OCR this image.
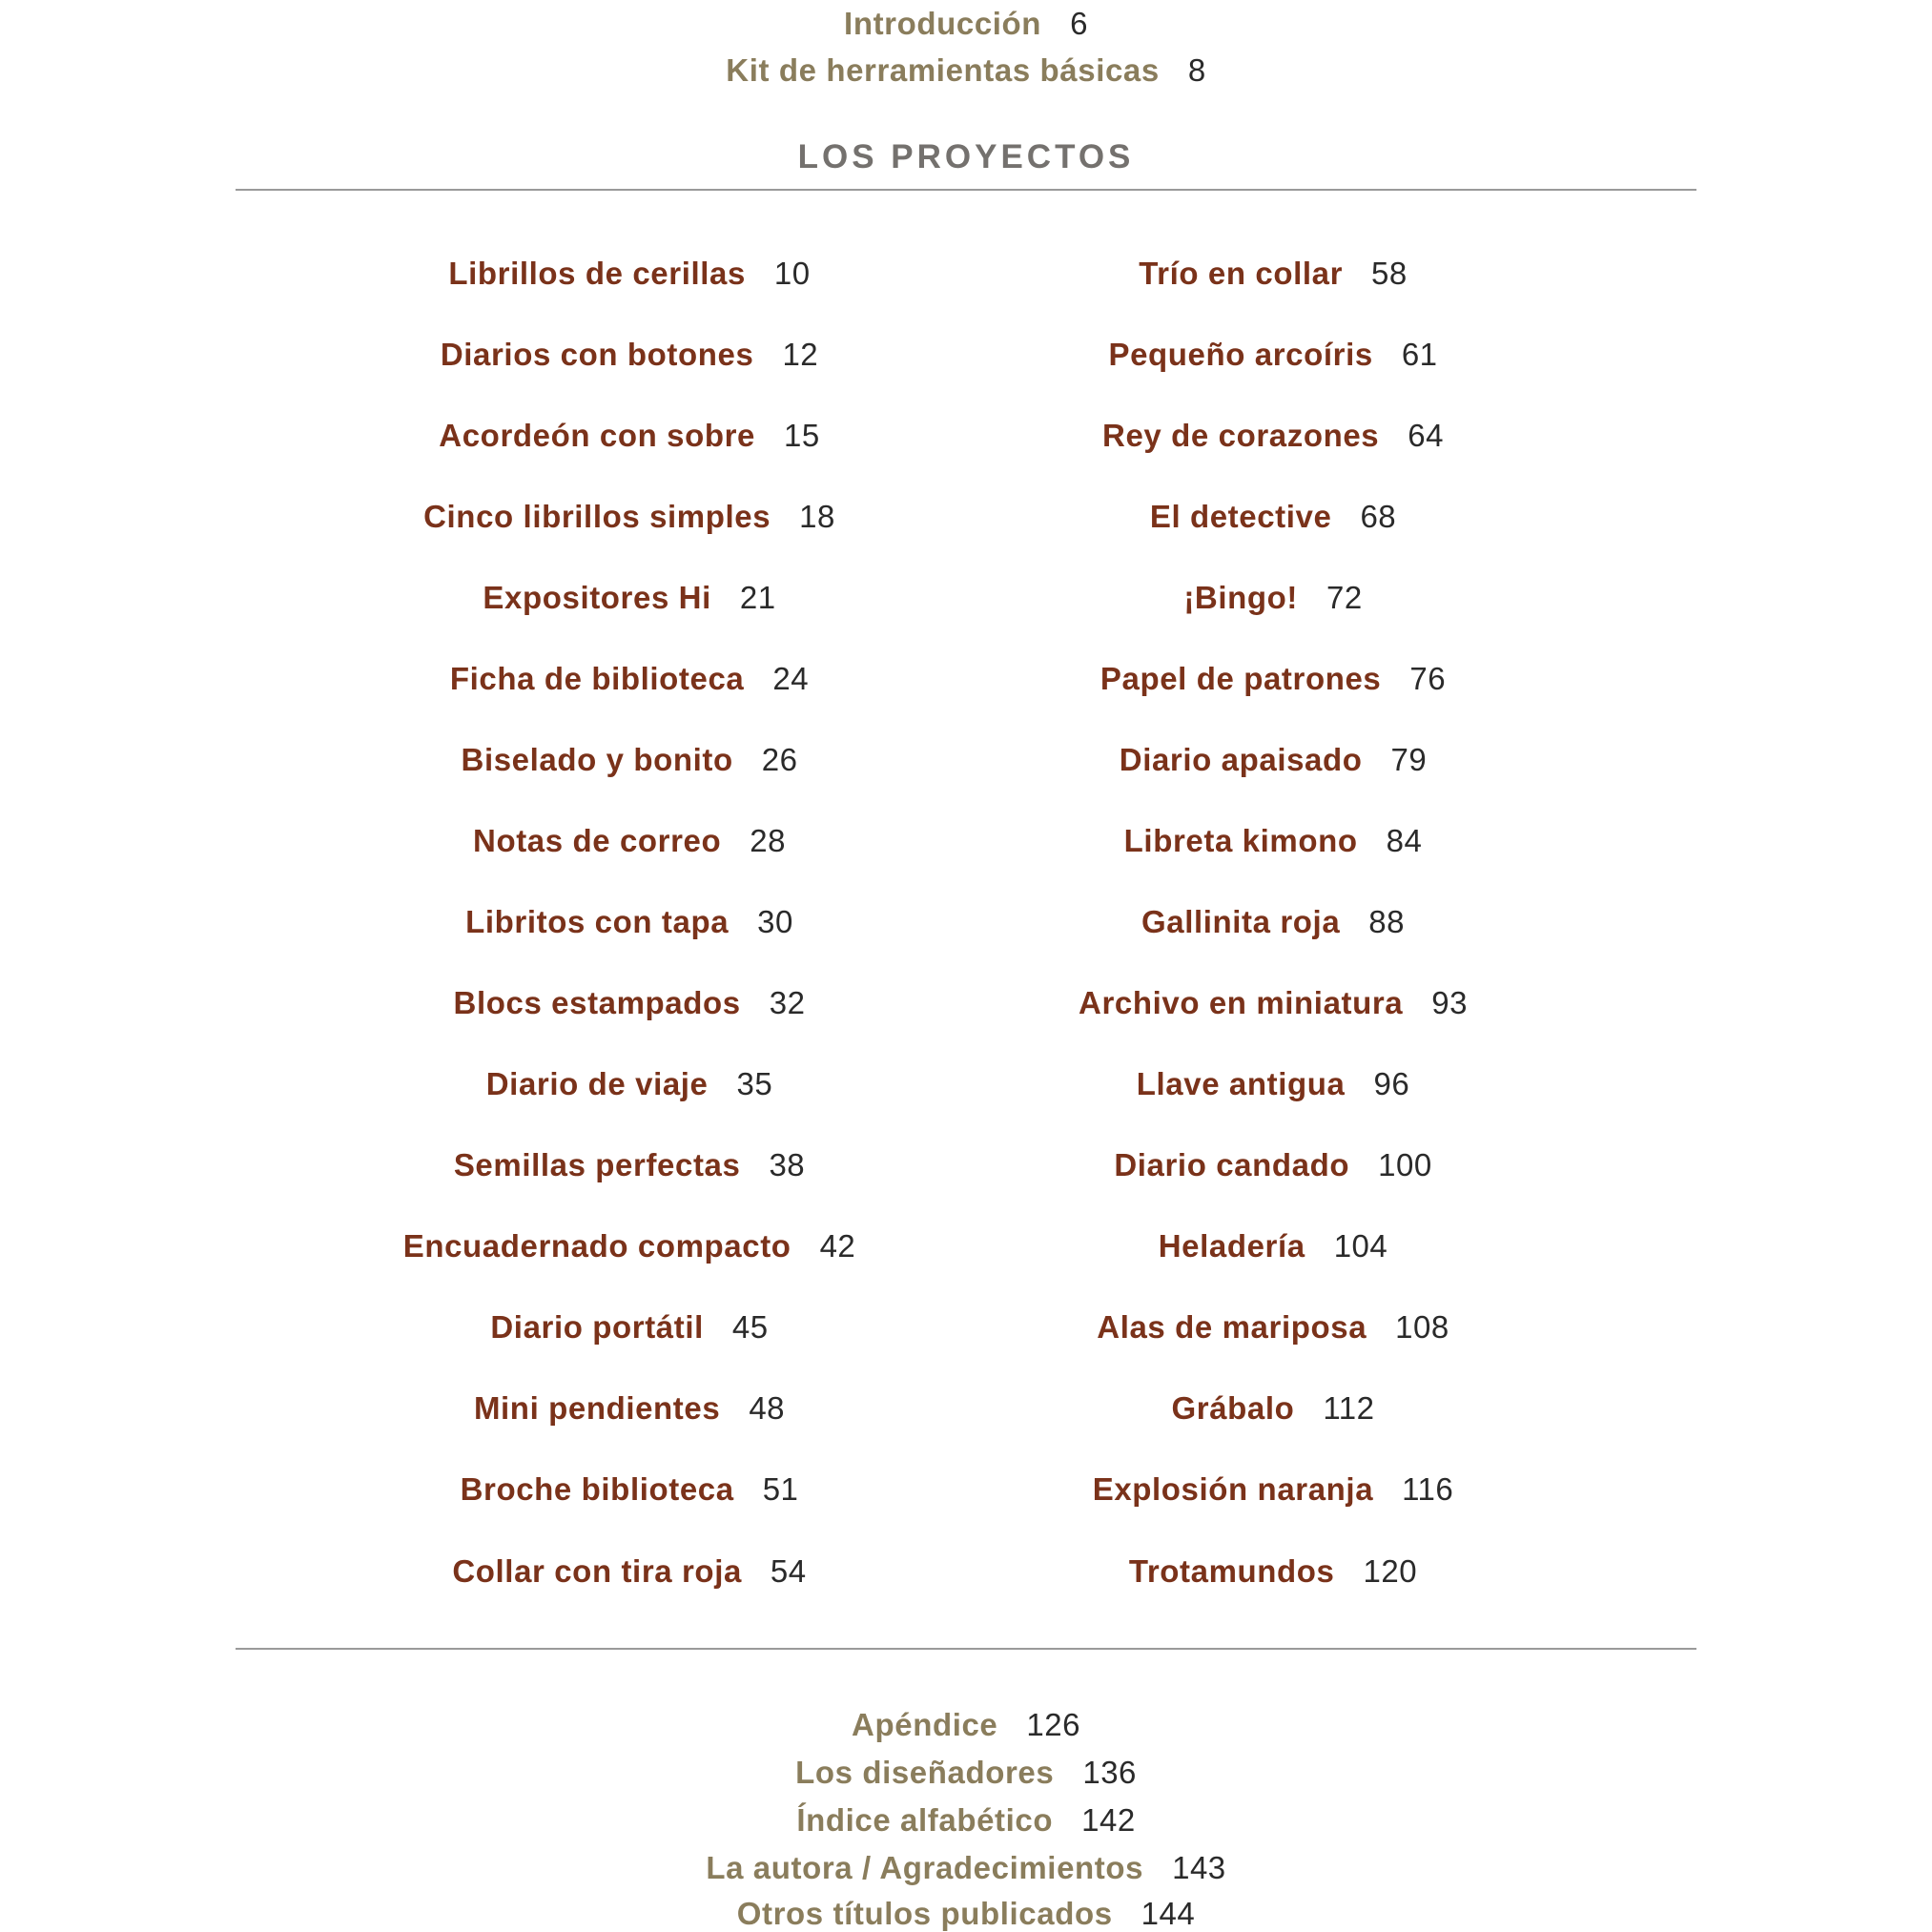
Introducción 6
Kit de herramientas básicas 8
LOS PROYECTOS
Librillos de cerillas 10
Diarios con botones 12
Acordeón con sobre 15
Cinco librillos simples 18
Expositores Hi 21
Ficha de biblioteca 24
Biselado y bonito 26
Notas de correo 28
Libritos con tapa 30
Blocs estampados 32
Diario de viaje 35
Semillas perfectas 38
Encuadernado compacto 42
Diario portátil 45
Mini pendientes 48
Broche biblioteca 51
Collar con tira roja 54
Trío en collar 58
Pequeño arcoíris 61
Rey de corazones 64
El detective 68
¡Bingo! 72
Papel de patrones 76
Diario apaisado 79
Libreta kimono 84
Gallinita roja 88
Archivo en miniatura 93
Llave antigua 96
Diario candado 100
Heladería 104
Alas de mariposa 108
Grábalo 112
Explosión naranja 116
Trotamundos 120
Apéndice 126
Los diseñadores 136
Índice alfabético 142
La autora / Agradecimientos 143
Otros títulos publicados 144
